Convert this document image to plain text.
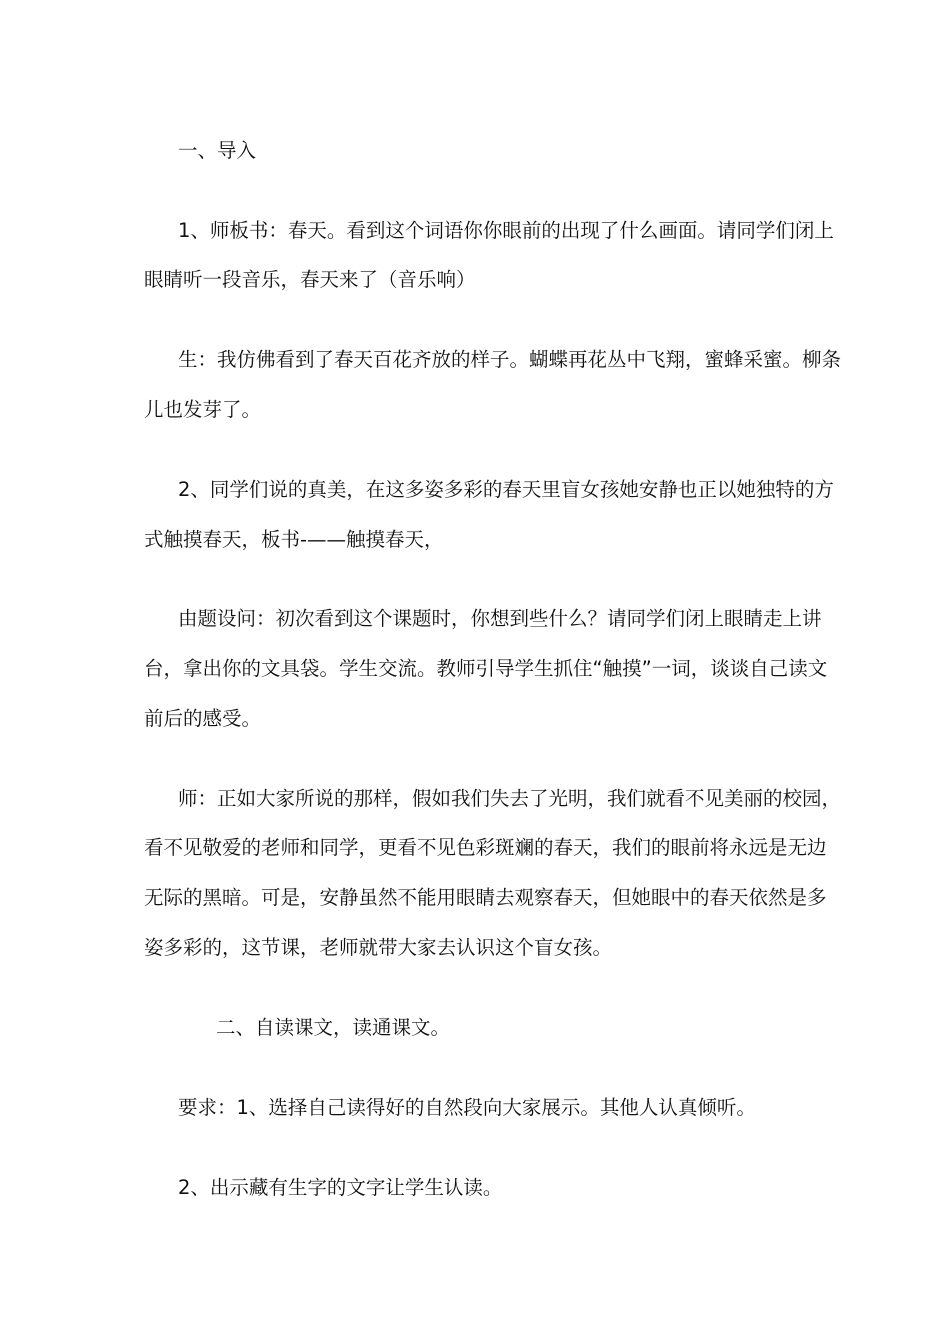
一、导入
1、师板书：春天。看到这个词语你你眼前的出现了什么画面。请同学们闭上
眼睛听一段音乐，春天来了（音乐响）
生：我仿佛看到了春天百花齐放的样子。蝴蝶再花丛中飞翔，蜜蜂采蜜。柳条
儿也发芽了。
2、同学们说的真美，在这多姿多彩的春天里盲女孩她安静也正以她独特的方
式触摸春天，板书-——触摸春天，
由题设问：初次看到这个课题时，你想到些什么？请同学们闭上眼睛走上讲
台，拿出你的文具袋。学生交流。教师引导学生抓住“触摸”一词，谈谈自己读文
前后的感受。
师：正如大家所说的那样，假如我们失去了光明，我们就看不见美丽的校园，
看不见敬爱的老师和同学，更看不见色彩斑斓的春天，我们的眼前将永远是无边
无际的黑暗。可是，安静虽然不能用眼睛去观察春天，但她眼中的春天依然是多
姿多彩的，这节课，老师就带大家去认识这个盲女孩。
二、自读课文，读通课文。
要求：1、选择自己读得好的自然段向大家展示。其他人认真倾听。
2、出示藏有生字的文字让学生认读。
